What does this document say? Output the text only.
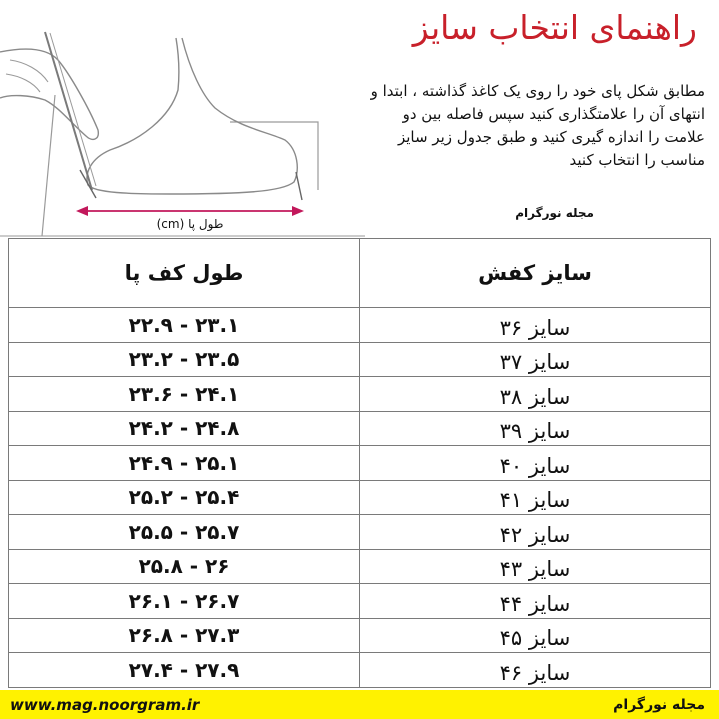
طول پا (cm)
راهنمای انتخاب سایز
مطابق شکل پای خود را روی یک کاغذ گذاشته ، ابتدا و انتهای آن را علامتگذاری کنید سپس فاصله بین دو علامت را اندازه گیری کنید و طبق جدول زیر سایز مناسب را انتخاب کنید
مجله نورگرام
طول کف پا	سایز کفش
۲۲.۹ - ۲۳.۱	سایز ۳۶
۲۳.۲ - ۲۳.۵	سایز ۳۷
۲۳.۶ - ۲۴.۱	سایز ۳۸
۲۴.۲ - ۲۴.۸	سایز ۳۹
۲۴.۹ - ۲۵.۱	سایز ۴۰
۲۵.۲ - ۲۵.۴	سایز ۴۱
۲۵.۵ - ۲۵.۷	سایز ۴۲
۲۵.۸ - ۲۶	سایز ۴۳
۲۶.۱ - ۲۶.۷	سایز ۴۴
۲۶.۸ - ۲۷.۳	سایز ۴۵
۲۷.۴ - ۲۷.۹	سایز ۴۶
www.mag.noorgram.ir	مجله نورگرام
